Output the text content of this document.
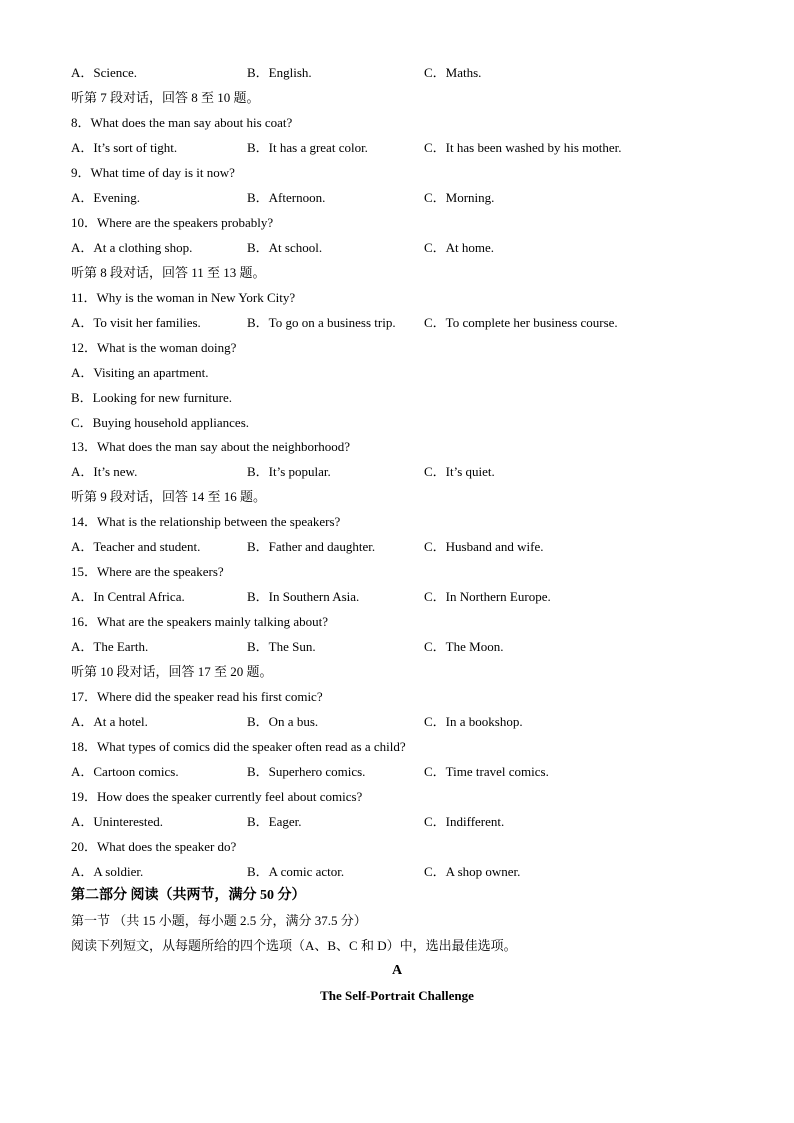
A．Science.	B．English.	C．Maths.
听第 7 段对话，回答 8 至 10 题。
8．What does the man say about his coat?
A．It’s sort of tight.	B．It has a great color.	C．It has been washed by his mother.
9．What time of day is it now?
A．Evening.	B．Afternoon.	C．Morning.
10．Where are the speakers probably?
A．At a clothing shop.	B．At school.	C．At home.
听第 8 段对话，回答 11 至 13 题。
11．Why is the woman in New York City?
A．To visit her families.	B．To go on a business trip. C．To complete her business course.
12．What is the woman doing?
A．Visiting an apartment.
B．Looking for new furniture.
C．Buying household appliances.
13．What does the man say about the neighborhood?
A．It’s new.	B．It’s popular.	C．It’s quiet.
听第 9 段对话，回答 14 至 16 题。
14．What is the relationship between the speakers?
A．Teacher and student.	B．Father and daughter.	C．Husband and wife.
15．Where are the speakers?
A．In Central Africa.	B．In Southern Asia.	C．In Northern Europe.
16．What are the speakers mainly talking about?
A．The Earth.	B．The Sun.	C．The Moon.
听第 10 段对话，回答 17 至 20 题。
17．Where did the speaker read his first comic?
A．At a hotel.	B．On a bus.	C．In a bookshop.
18．What types of comics did the speaker often read as a child?
A．Cartoon comics.	B．Superhero comics.	C．Time travel comics.
19．How does the speaker currently feel about comics?
A．Uninterested.	B．Eager.	C．Indifferent.
20．What does the speaker do?
A．A soldier.	B．A comic actor.	C．A shop owner.
第二部分 阅读（共两节，满分 50 分）
第一节 （共 15 小题，每小题 2.5 分，满分 37.5 分）
阅读下列短文，从每题所给的四个选项（A、B、C 和 D）中，选出最佳选项。
A
The Self-Portrait Challenge
